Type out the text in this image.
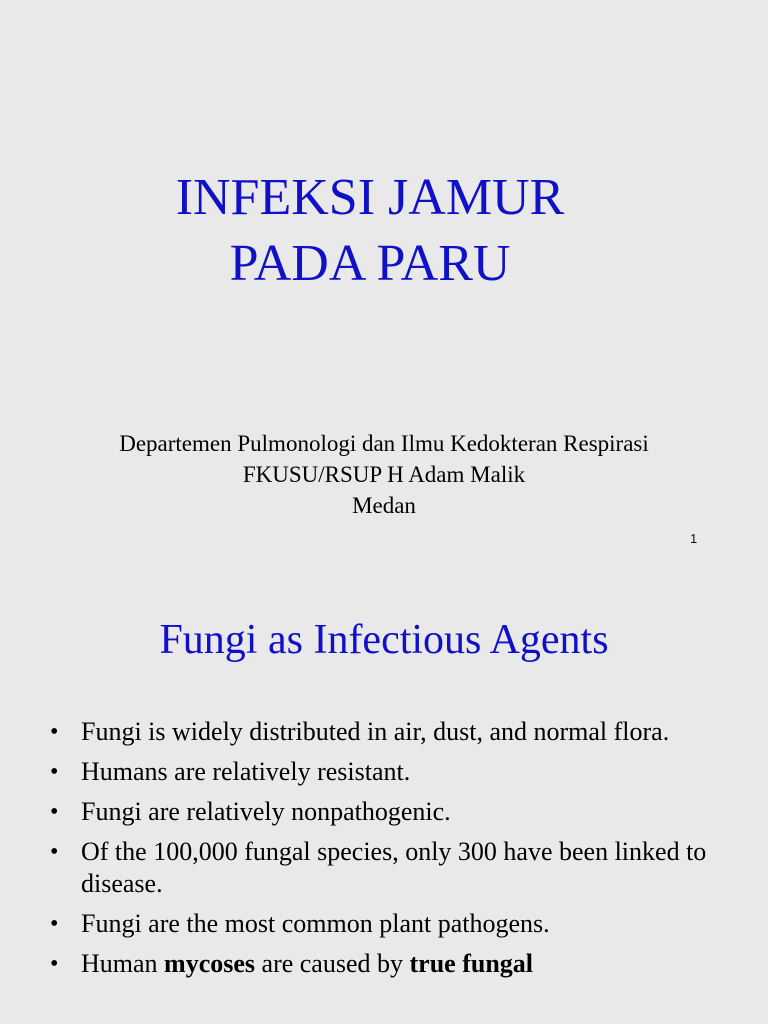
INFEKSI JAMUR
PADA PARU
Departemen Pulmonologi dan Ilmu Kedokteran Respirasi
FKUSU/RSUP H Adam Malik
Medan
1
Fungi as Infectious Agents
• Fungi is widely distributed in air, dust, and normal flora.
• Humans are relatively resistant.
• Fungi are relatively nonpathogenic.
• Of the 100,000 fungal species, only 300 have been linked to disease.
• Fungi are the most common plant pathogens.
• Human mycoses are caused by true fungal
